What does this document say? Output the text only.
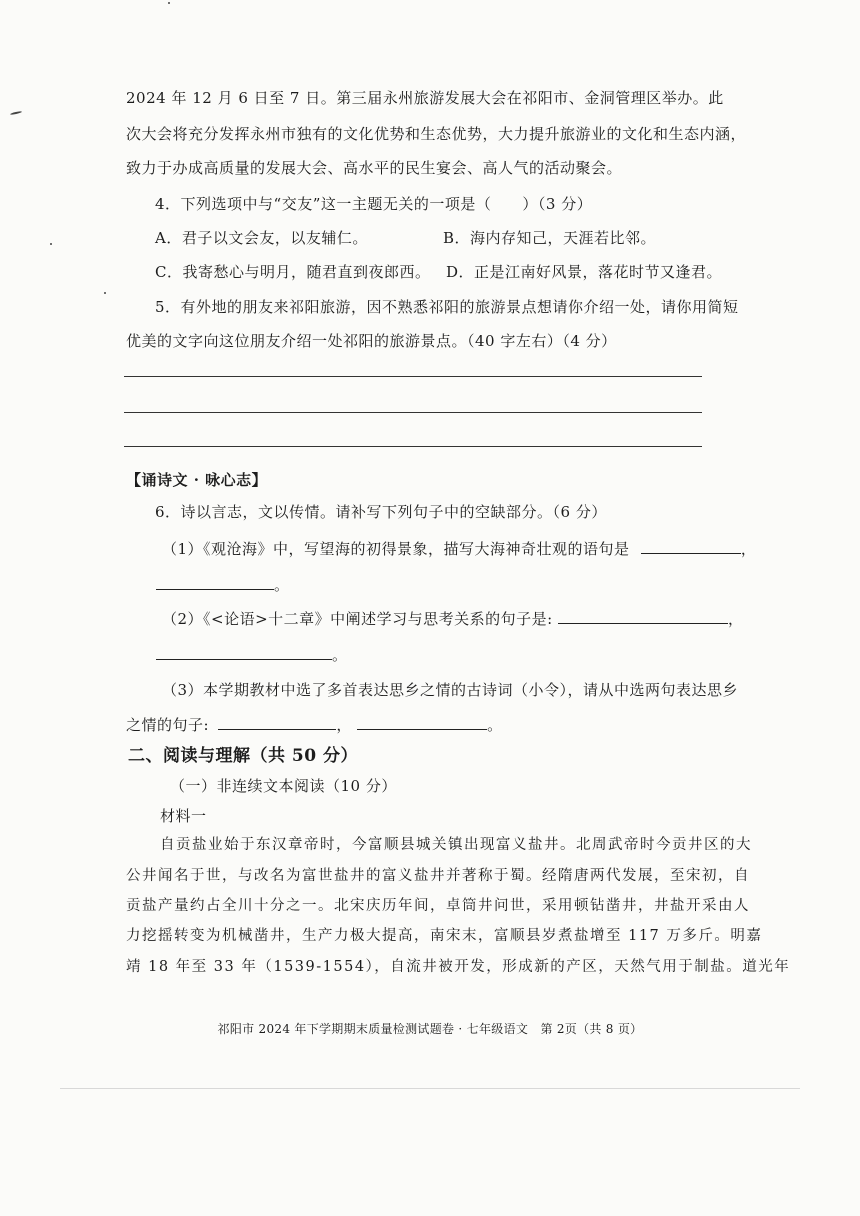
2024 年 12 月 6 日至 7 日。第三届永州旅游发展大会在祁阳市、金洞管理区举办。此
次大会将充分发挥永州市独有的文化优势和生态优势，大力提升旅游业的文化和生态内涵，
致力于办成高质量的发展大会、高水平的民生宴会、高人气的活动聚会。
4．下列选项中与“交友”这一主题无关的一项是（　　）（3 分）
A．君子以文会友，以友辅仁。	B．海内存知己，天涯若比邻。
C．我寄愁心与明月，随君直到夜郎西。 D．正是江南好风景，落花时节又逢君。
5．有外地的朋友来祁阳旅游，因不熟悉祁阳的旅游景点想请你介绍一处，请你用简短
优美的文字向这位朋友介绍一处祁阳的旅游景点。（40 字左右）（4 分）
【诵诗文 · 咏心志】
6．诗以言志，文以传情。请补写下列句子中的空缺部分。（6 分）
（1）《观沧海》中，写望海的初得景象，描写大海神奇壮观的语句是	，
。
（2）《<论语>十二章》中阐述学习与思考关系的句子是:	，
。
（3）本学期教材中选了多首表达思乡之情的古诗词（小令），请从中选两句表达思乡
之情的句子:	，	。
二、阅读与理解（共 50 分）
（一）非连续文本阅读（10 分）
材料一
自贡盐业始于东汉章帝时，今富顺县城关镇出现富义盐井。北周武帝时今贡井区的大
公井闻名于世，与改名为富世盐井的富义盐井并著称于蜀。经隋唐两代发展，至宋初，自
贡盐产量约占全川十分之一。北宋庆历年间，卓筒井问世，采用顿钻凿井，井盐开采由人
力挖摇转变为机械凿井，生产力极大提高，南宋末，富顺县岁煮盐增至 117 万多斤。明嘉
靖 18 年至 33 年（1539-1554），自流井被开发，形成新的产区，天然气用于制盐。道光年
祁阳市 2024 年下学期期末质量检测试题卷 · 七年级语文　第 2页（共 8 页）
